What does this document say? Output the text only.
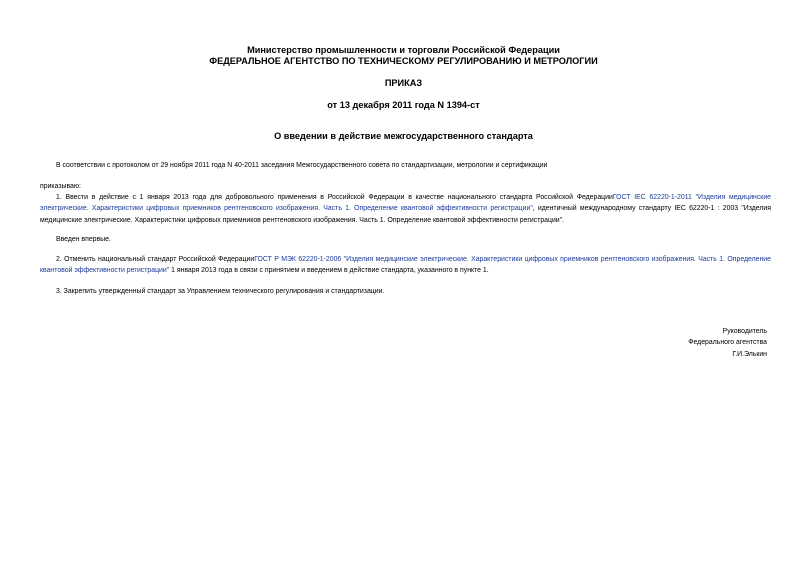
Министерство промышленности и торговли Российской Федерации
ФЕДЕРАЛЬНОЕ АГЕНТСТВО ПО ТЕХНИЧЕСКОМУ РЕГУЛИРОВАНИЮ И МЕТРОЛОГИИ
ПРИКАЗ
от 13 декабря 2011 года N 1394-ст
О введении в действие межгосударственного стандарта
В соответствии с протоколом от 29 ноября 2011 года N 40-2011 заседания Межгосударственного совета по стандартизации, метрологии и сертификации
приказываю:
1. Ввести в действие с 1 января 2013 года для добровольного применения в Российской Федерации в качестве национального стандарта Российской ФедерацииГОСТ IEC 62220-1-2011 "Изделия медицинские электрические. Характеристики цифровых приемников рентгеновского изображения. Часть 1. Определение квантовой эффективности регистрации", идентичный международному стандарту IEC 62220-1 : 2003 "Изделия медицинские электрические. Характеристики цифровых приемников рентгеновского изображения. Часть 1. Определение квантовой эффективности регистрации".
Введен впервые.
2. Отменить национальный стандарт Российской ФедерацииГОСТ Р МЭК 62220-1-2006 "Изделия медицинские электрические. Характеристики цифровых приемников рентгеновского изображения. Часть 1. Определение квантовой эффективности регистрации" 1 января 2013 года в связи с принятием и введением в действие стандарта, указанного в пункте 1.
3. Закрепить утвержденный стандарт за Управлением технического регулирования и стандартизации.
Руководитель
Федерального агентства
Г.И.Элькин
